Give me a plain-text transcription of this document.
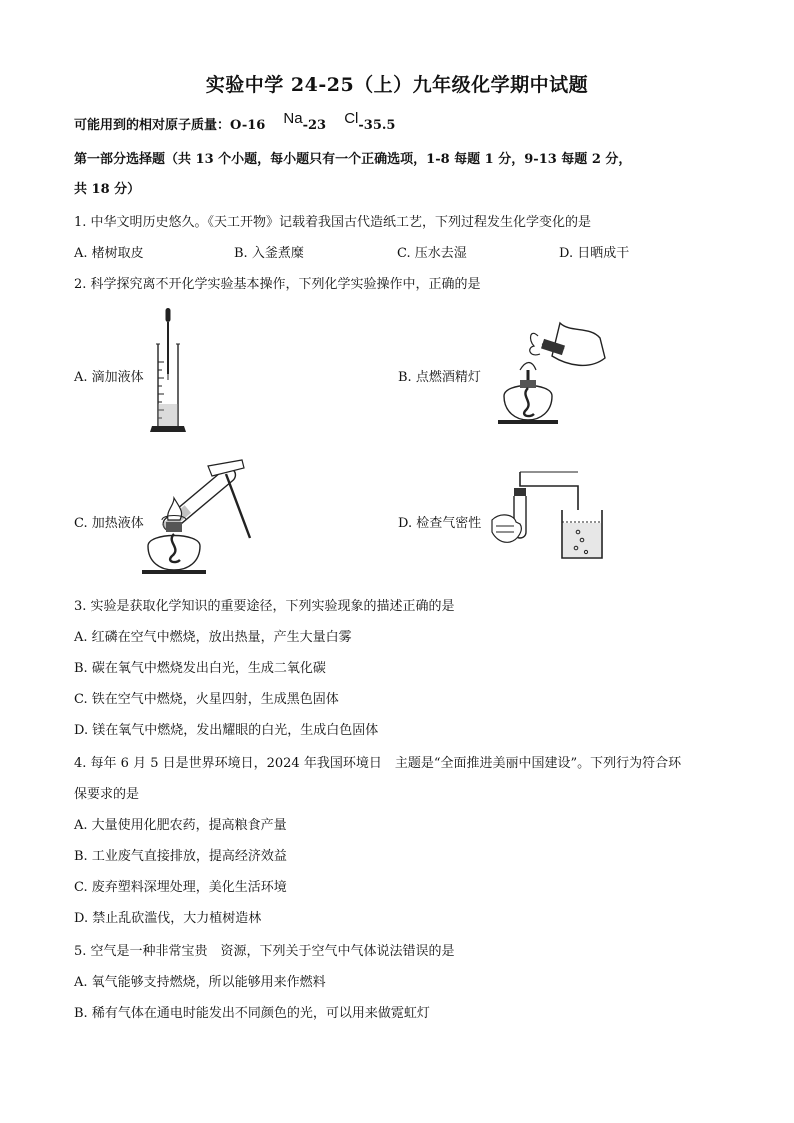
实验中学 24-25（上）九年级化学期中试题
可能用到的相对原子质量：O-16 Na-23 Cl-35.5
第一部分选择题（共 13 个小题，每小题只有一个正确选项，1-8 每题 1 分，9-13 每题 2 分，
共 18 分）
1. 中华文明历史悠久。《天工开物》记载着我国古代造纸工艺，下列过程发生化学变化的是
A. 楮树取皮	B. 入釜煮糜	C. 压水去湿	D. 日晒成干
2. 科学探究离不开化学实验基本操作，下列化学实验操作中，正确的是
A. 滴加液体	B. 点燃酒精灯
C. 加热液体	D. 检查气密性
3. 实验是获取化学知识的重要途径，下列实验现象的描述正确的是
A. 红磷在空气中燃烧，放出热量，产生大量白雾
B. 碳在氧气中燃烧发出白光，生成二氧化碳
C. 铁在空气中燃烧，火星四射，生成黑色固体
D. 镁在氧气中燃烧，发出耀眼的白光，生成白色固体
4. 每年 6 月 5 日是世界环境日，2024 年我国环境日　主题是“全面推进美丽中国建设”。下列行为符合环
保要求的是
A. 大量使用化肥农药，提高粮食产量
B. 工业废气直接排放，提高经济效益
C. 废弃塑料深埋处理，美化生活环境
D. 禁止乱砍滥伐，大力植树造林
5. 空气是一种非常宝贵　资源，下列关于空气中气体说法错误的是
A. 氧气能够支持燃烧，所以能够用来作燃料
B. 稀有气体在通电时能发出不同颜色的光，可以用来做霓虹灯
